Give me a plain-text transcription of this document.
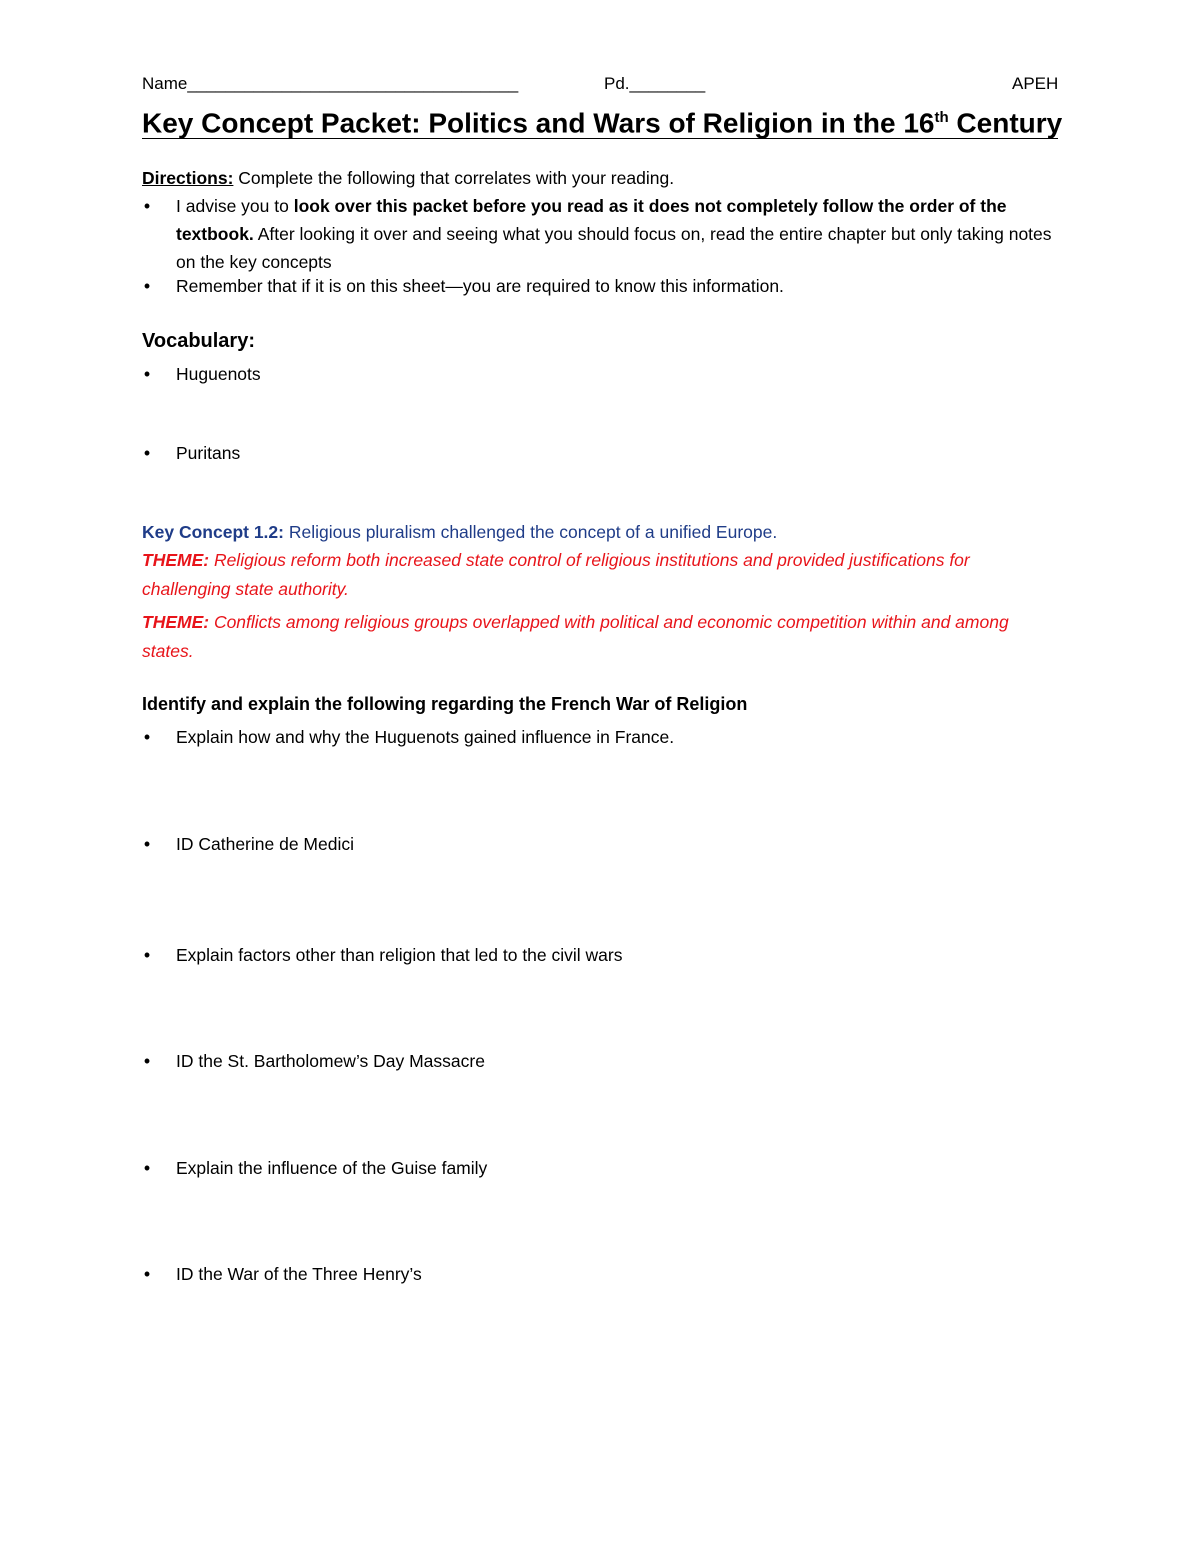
Name___________________________________	Pd.________	APEH
Key Concept Packet: Politics and Wars of Religion in the 16th Century
Directions: Complete the following that correlates with your reading.
• I advise you to look over this packet before you read as it does not completely follow the order of the textbook. After looking it over and seeing what you should focus on, read the entire chapter but only taking notes on the key concepts
• Remember that if it is on this sheet—you are required to know this information.
Vocabulary:
• Huguenots
• Puritans
Key Concept 1.2: Religious pluralism challenged the concept of a unified Europe.
THEME: Religious reform both increased state control of religious institutions and provided justifications for challenging state authority.
THEME: Conflicts among religious groups overlapped with political and economic competition within and among states.
Identify and explain the following regarding the French War of Religion
• Explain how and why the Huguenots gained influence in France.
• ID Catherine de Medici
• Explain factors other than religion that led to the civil wars
• ID the St. Bartholomew’s Day Massacre
• Explain the influence of the Guise family
• ID the War of the Three Henry’s
